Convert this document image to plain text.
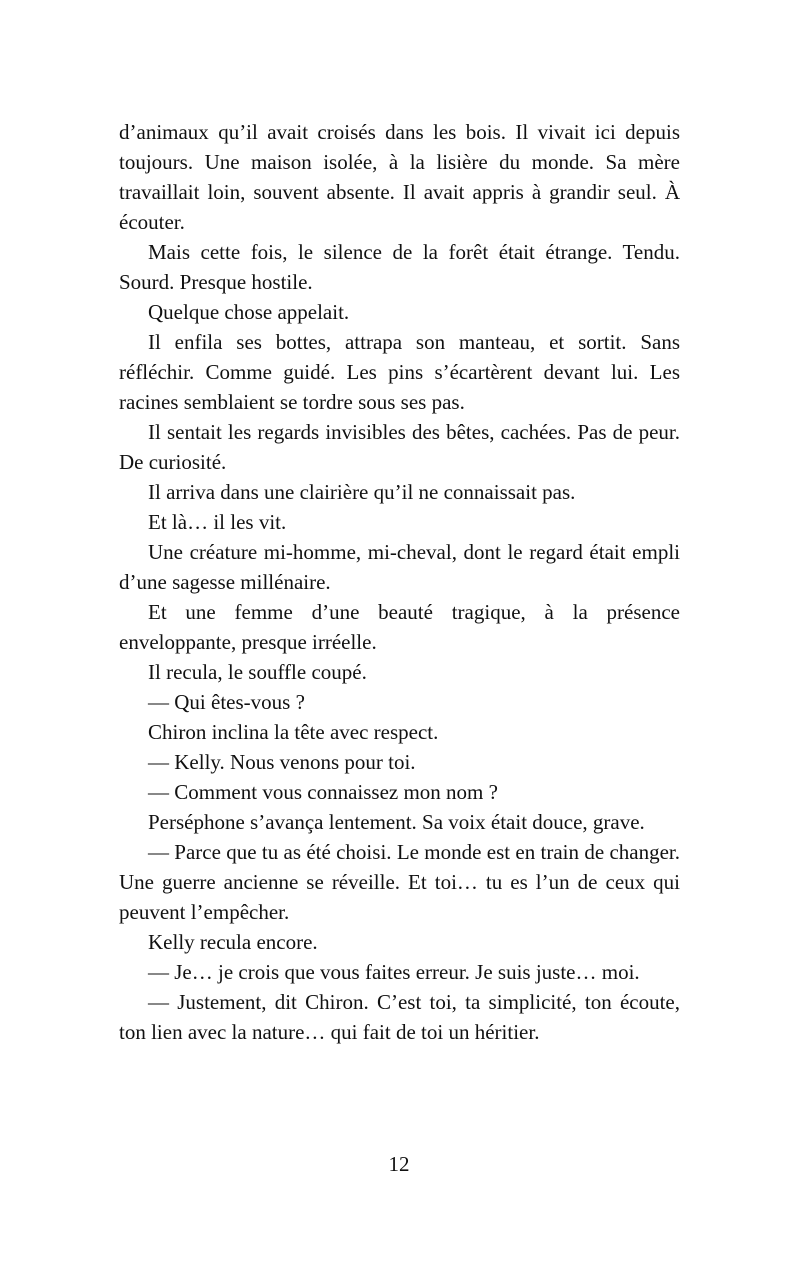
d’animaux qu’il avait croisés dans les bois. Il vivait ici depuis toujours. Une maison isolée, à la lisière du monde. Sa mère travaillait loin, souvent absente. Il avait appris à grandir seul. À écouter.

Mais cette fois, le silence de la forêt était étrange. Tendu. Sourd. Presque hostile.

Quelque chose appelait.

Il enfila ses bottes, attrapa son manteau, et sortit. Sans réfléchir. Comme guidé. Les pins s’écartèrent devant lui. Les racines semblaient se tordre sous ses pas.

Il sentait les regards invisibles des bêtes, cachées. Pas de peur. De curiosité.

Il arriva dans une clairière qu’il ne connaissait pas.

Et là… il les vit.

Une créature mi-homme, mi-cheval, dont le regard était empli d’une sagesse millénaire.

Et une femme d’une beauté tragique, à la présence enveloppante, presque irréelle.

Il recula, le souffle coupé.

— Qui êtes-vous ?

Chiron inclina la tête avec respect.

— Kelly. Nous venons pour toi.

— Comment vous connaissez mon nom ?

Perséphone s’avança lentement. Sa voix était douce, grave.

— Parce que tu as été choisi. Le monde est en train de changer. Une guerre ancienne se réveille. Et toi… tu es l’un de ceux qui peuvent l’empêcher.

Kelly recula encore.

— Je… je crois que vous faites erreur. Je suis juste… moi.

— Justement, dit Chiron. C’est toi, ta simplicité, ton écoute, ton lien avec la nature… qui fait de toi un héritier.

12
